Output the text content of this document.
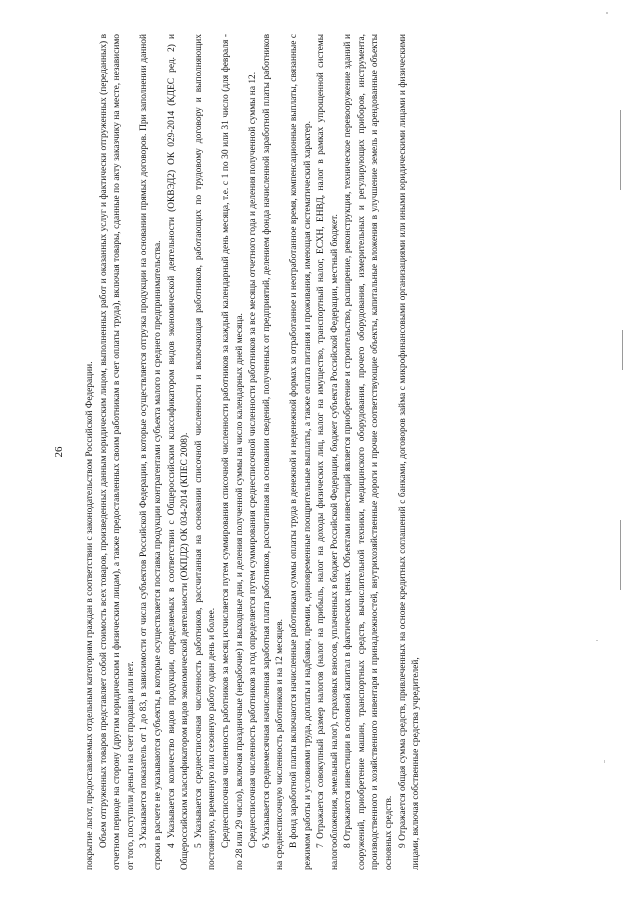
26 покрытие льгот, предоставляемых отдельным категориям граждан в соответствии с законодательством Российской Федерации. Объем отгруженных товаров представляет собой стоимость всех товаров, произведенных данным юридическим лицом, выполненных работ и оказанных услуг и фактически отгруженных (переданных) в отчетном периоде на сторону (другим юридическим и физическим лицам), а также предоставленных своим работникам в счет оплаты труда), включая товары, сданные по акту заказчику на месте, независимо от того, поступили деньги на счет продавца или нет. 3 Указывается показатель от 1 до 83, в зависимости от числа субъектов Российской Федерации, в которые осуществляется отгрузка продукции на основании прямых договоров. При заполнении данной строки в расчете не указываются субъекты, в которые осуществляется поставка продукции контрагентами субъекта малого и среднего предпринимательства. 4 Указывается количество видов продукции, определяемых в соответствии с Общероссийским классификатором видов экономической деятельности (ОКВЭД2) ОК 029-2014 (КДЕС ред. 2) и Общероссийским классификатором видов экономической деятельности (ОКПД2) ОК 034-2014 (КПЕС 2008). 5 Указывается среднесписочная численность работников, рассчитанная на основании списочной численности и включающая работников, работающих по трудовому договору и выполняющих постоянную, временную или сезонную работу один день и более. Среднесписочная численность работников за месяц исчисляется путем суммирования списочной численности работников за каждый календарный день месяца, т.е. с 1 по 30 или 31 число (для февраля - по 28 или 29 число), включая праздничные (нерабочие) и выходные дни, и деления полученной суммы на число календарных дней месяца. Среднесписочная численность работников за год определяется путем суммирования среднесписочной численности работников за все месяцы отчетного года и деления полученной суммы на 12. 6 Указывается среднемесячная начисленная заработная плата работников, рассчитанная на основании сведений, полученных от предприятий, делением фонда начисленной заработной платы работников на среднесписочную численность работников и на 12 месяцев. В фонд заработной платы включаются начисленные работникам суммы оплаты труда в денежной и неденежной формах за отработанное и неотработанное время, компенсационные выплаты, связанные с режимом работы и условиями труда, доплаты и надбавки, премии, единовременные поощрительные выплаты, а также оплата питания и проживания, имеющая систематический характер. 7 Отражается совокупный размер налогов (налог на прибыль, налог на доходы физических лиц, налог на имущество, транспортный налог, ЕСХН, ЕНВД, налог в рамках упрощенной системы налогообложения, земельный налог), страховых взносов, уплаченных в бюджет Российской Федерации, бюджет субъекта Российской Федерации, местный бюджет. 8 Отражаются инвестиции в основной капитал в фактических ценах. Объектами инвестиций является приобретение и строительство, расширение, реконструкция, техническое перевооружение зданий и сооружений, приобретение машин, транспортных средств, вычислительной техники, медицинского оборудования, прочего оборудования, измерительных и регулирующих приборов, инструмента, производственного и хозяйственного инвентаря и принадлежностей, внутрихозяйственные дороги и прочие соответствующие объекты, капитальные вложения в улучшение земель и арендованные объекты основных средств. 9 Отражается общая сумма средств, привлеченных на основе кредитных соглашений с банками, договоров займа с микрофинансовыми организациями или иными юридическими лицами и физическими лицами, включая собственные средства учредителей,
